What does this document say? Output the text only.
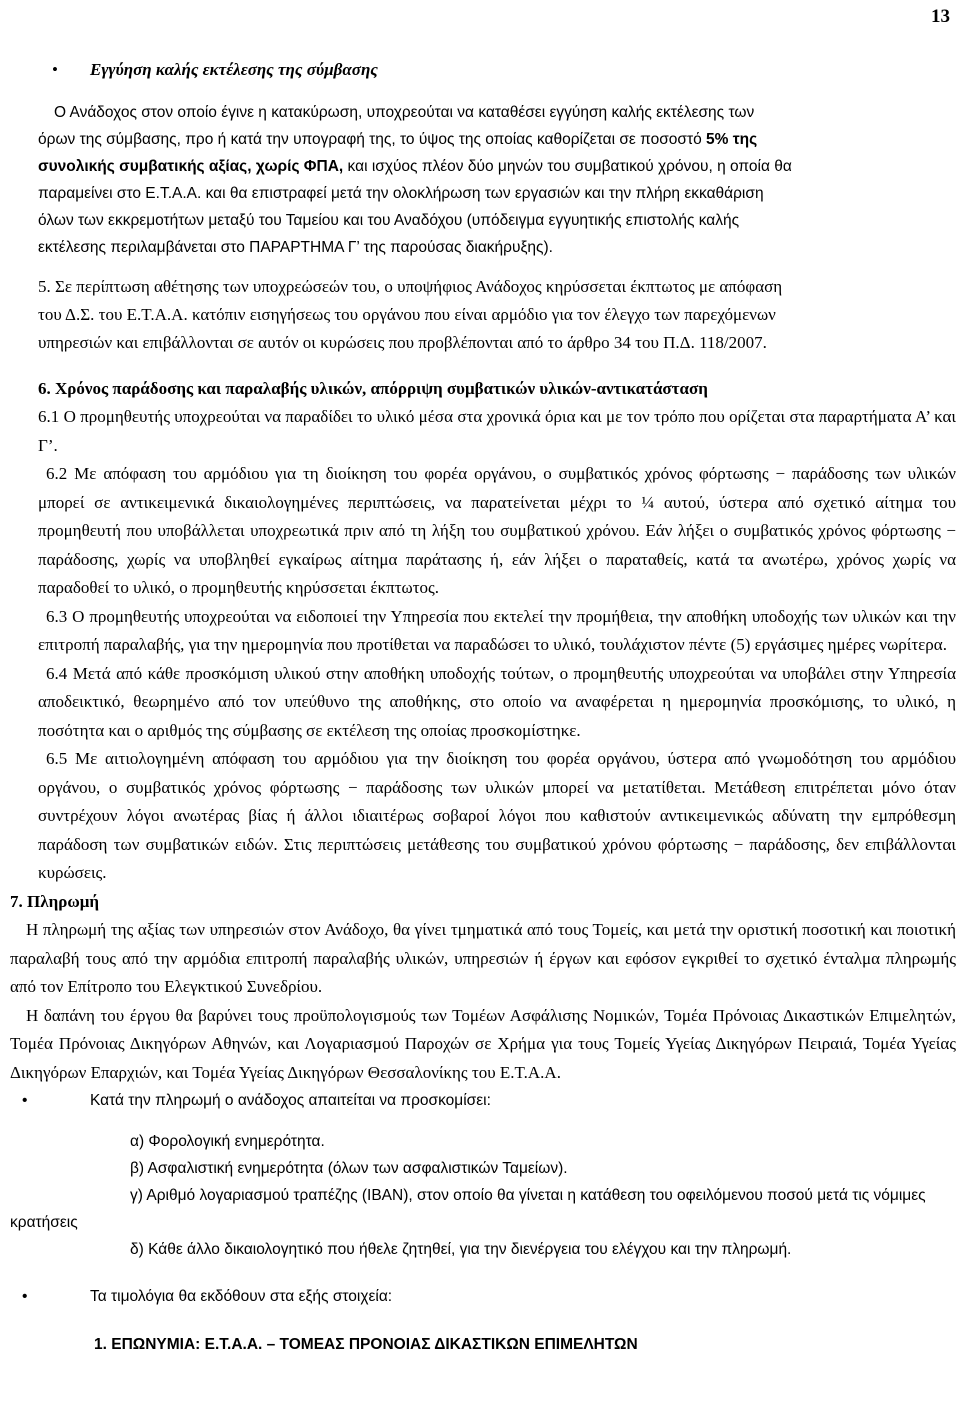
13

• Εγγύηση καλής εκτέλεσης της σύμβασης

Ο Ανάδοχος στον οποίο έγινε η κατακύρωση, υποχρεούται να καταθέσει εγγύηση καλής εκτέλεσης των
όρων της σύμβασης, προ ή κατά την υπογραφή της, το ύψος της οποίας καθορίζεται σε ποσοστό 5% της
συνολικής συμβατικής αξίας, χωρίς ΦΠΑ, και ισχύος πλέον δύο μηνών του συμβατικού χρόνου, η οποία θα
παραμείνει στο Ε.Τ.Α.Α. και θα επιστραφεί μετά την ολοκλήρωση των εργασιών και την πλήρη εκκαθάριση
όλων των εκκρεμοτήτων μεταξύ του Ταμείου και του Αναδόχου (υπόδειγμα εγγυητικής επιστολής καλής
εκτέλεσης περιλαμβάνεται στο ΠΑΡΑΡΤΗΜΑ Γ’ της παρούσας διακήρυξης).
5. Σε περίπτωση αθέτησης των υποχρεώσεών του, ο υποψήφιος Ανάδοχος κηρύσσεται έκπτωτος με απόφαση
του Δ.Σ. του Ε.Τ.Α.Α. κατόπιν εισηγήσεως του οργάνου που είναι αρμόδιο για τον έλεγχο των παρεχόμενων
υπηρεσιών και επιβάλλονται σε αυτόν οι κυρώσεις που προβλέπονται από το άρθρο 34 του Π.Δ. 118/2007.

6. Χρόνος παράδοσης και παραλαβής υλικών, απόρριψη συμβατικών υλικών-αντικατάσταση

6.1 Ο προμηθευτής υποχρεούται να παραδίδει το υλικό μέσα στα χρονικά όρια και με τον τρόπο που ορίζεται στα παραρτήματα Α’ και Γ’.

6.2 Με απόφαση του αρμόδιου για τη διοίκηση του φορέα οργάνου, ο συμβατικός χρόνος φόρτωσης − παράδοσης των υλικών μπορεί σε αντικειμενικά δικαιολογημένες περιπτώσεις, να παρατείνεται μέχρι το ¼ αυτού, ύστερα από σχετικό αίτημα του προμηθευτή που υποβάλλεται υποχρεωτικά πριν από τη λήξη του συμβατικού χρόνου. Εάν λήξει ο συμβατικός χρόνος φόρτωσης − παράδοσης, χωρίς να υποβληθεί εγκαίρως αίτημα παράτασης ή, εάν λήξει ο παραταθείς, κατά τα ανωτέρω, χρόνος χωρίς να παραδοθεί το υλικό, ο προμηθευτής κηρύσσεται έκπτωτος.

6.3 Ο προμηθευτής υποχρεούται να ειδοποιεί την Υπηρεσία που εκτελεί την προμήθεια, την αποθήκη υποδοχής των υλικών και την επιτροπή παραλαβής, για την ημερομηνία που προτίθεται να παραδώσει το υλικό, τουλάχιστον πέντε (5) εργάσιμες ημέρες νωρίτερα.

6.4 Μετά από κάθε προσκόμιση υλικού στην αποθήκη υποδοχής τούτων, ο προμηθευτής υποχρεούται να υποβάλει στην Υπηρεσία αποδεικτικό, θεωρημένο από τον υπεύθυνο της αποθήκης, στο οποίο να αναφέρεται η ημερομηνία προσκόμισης, το υλικό, η ποσότητα και ο αριθμός της σύμβασης σε εκτέλεση της οποίας προσκομίστηκε.

6.5 Με αιτιολογημένη απόφαση του αρμόδιου για την διοίκηση του φορέα οργάνου, ύστερα από γνωμοδότηση του αρμόδιου οργάνου, ο συμβατικός χρόνος φόρτωσης − παράδοσης των υλικών μπορεί να μετατίθεται. Μετάθεση επιτρέπεται μόνο όταν συντρέχουν λόγοι ανωτέρας βίας ή άλλοι ιδιαιτέρως σοβαροί λόγοι που καθιστούν αντικειμενικώς αδύνατη την εμπρόθεσμη παράδοση των συμβατικών ειδών. Στις περιπτώσεις μετάθεσης του συμβατικού χρόνου φόρτωσης − παράδοσης, δεν επιβάλλονται κυρώσεις.

7. Πληρωμή

Η πληρωμή της αξίας των υπηρεσιών στον Ανάδοχο, θα γίνει τμηματικά από τους Τομείς, και μετά την οριστική ποσοτική και ποιοτική παραλαβή τους από την αρμόδια επιτροπή παραλαβής υλικών, υπηρεσιών ή έργων και εφόσον εγκριθεί το σχετικό ένταλμα πληρωμής από τον Επίτροπο του Ελεγκτικού Συνεδρίου.

Η δαπάνη του έργου θα βαρύνει τους προϋπολογισμούς των Τομέων Ασφάλισης Νομικών, Τομέα Πρόνοιας Δικαστικών Επιμελητών, Τομέα Πρόνοιας Δικηγόρων Αθηνών, και Λογαριασμού Παροχών σε Χρήμα για τους Τομείς Υγείας Δικηγόρων Πειραιά, Τομέα Υγείας Δικηγόρων Επαρχιών, και Τομέα Υγείας Δικηγόρων Θεσσαλονίκης του Ε.Τ.Α.Α.

•	Κατά την πληρωμή ο ανάδοχος απαιτείται να προσκομίσει:

α) Φορολογική ενημερότητα.
β) Ασφαλιστική ενημερότητα (όλων των ασφαλιστικών Ταμείων).
γ) Αριθμό λογαριασμού τραπέζης (IBAN), στον οποίο θα γίνεται η κατάθεση του οφειλόμενου ποσού μετά τις νόμιμες κρατήσεις
δ) Κάθε άλλο δικαιολογητικό που ήθελε ζητηθεί, για την διενέργεια του ελέγχου και την πληρωμή.

•	Τα τιμολόγια θα εκδόθουν στα εξής στοιχεία:

1. ΕΠΩΝΥΜΙΑ: Ε.Τ.Α.Α. – ΤΟΜΕΑΣ ΠΡΟΝΟΙΑΣ ΔΙΚΑΣΤΙΚΩΝ ΕΠΙΜΕΛΗΤΩΝ
